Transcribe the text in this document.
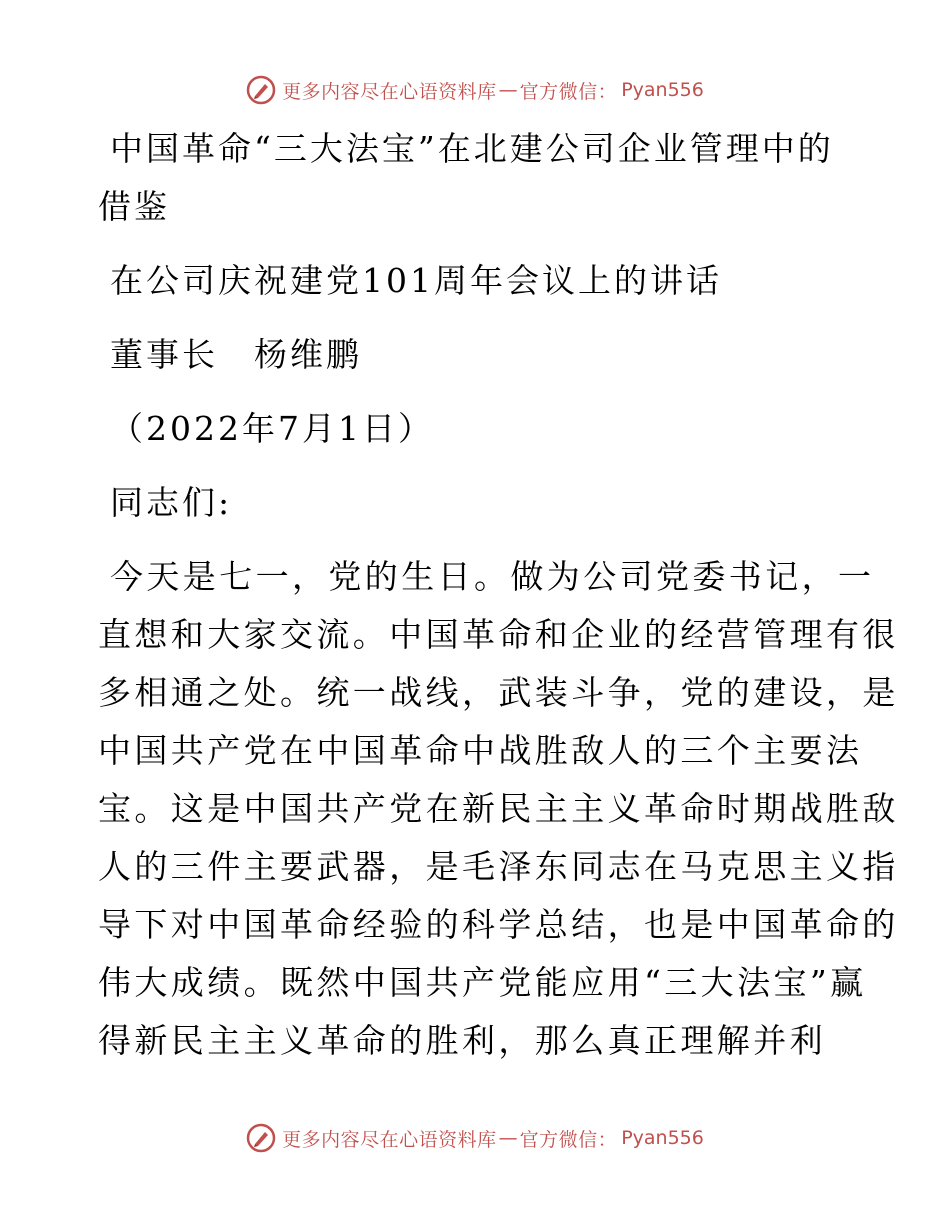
更多内容尽在心语资料库 — 官方微信： Pyan556
中国革命“三大法宝”在北建公司企业管理中的
借鉴
在公司庆祝建党101周年会议上的讲话
董事长　杨维鹏
（2022年7月1日）
同志们:
今天是七一，党的生日。做为公司党委书记，一
直想和大家交流。中国革命和企业的经营管理有很
多相通之处。统一战线，武装斗争，党的建设，是
中国共产党在中国革命中战胜敌人的三个主要法
宝。这是中国共产党在新民主主义革命时期战胜敌
人的三件主要武器，是毛泽东同志在马克思主义指
导下对中国革命经验的科学总结，也是中国革命的
伟大成绩。既然中国共产党能应用“三大法宝”赢
得新民主主义革命的胜利，那么真正理解并利
更多内容尽在心语资料库 — 官方微信： Pyan556
